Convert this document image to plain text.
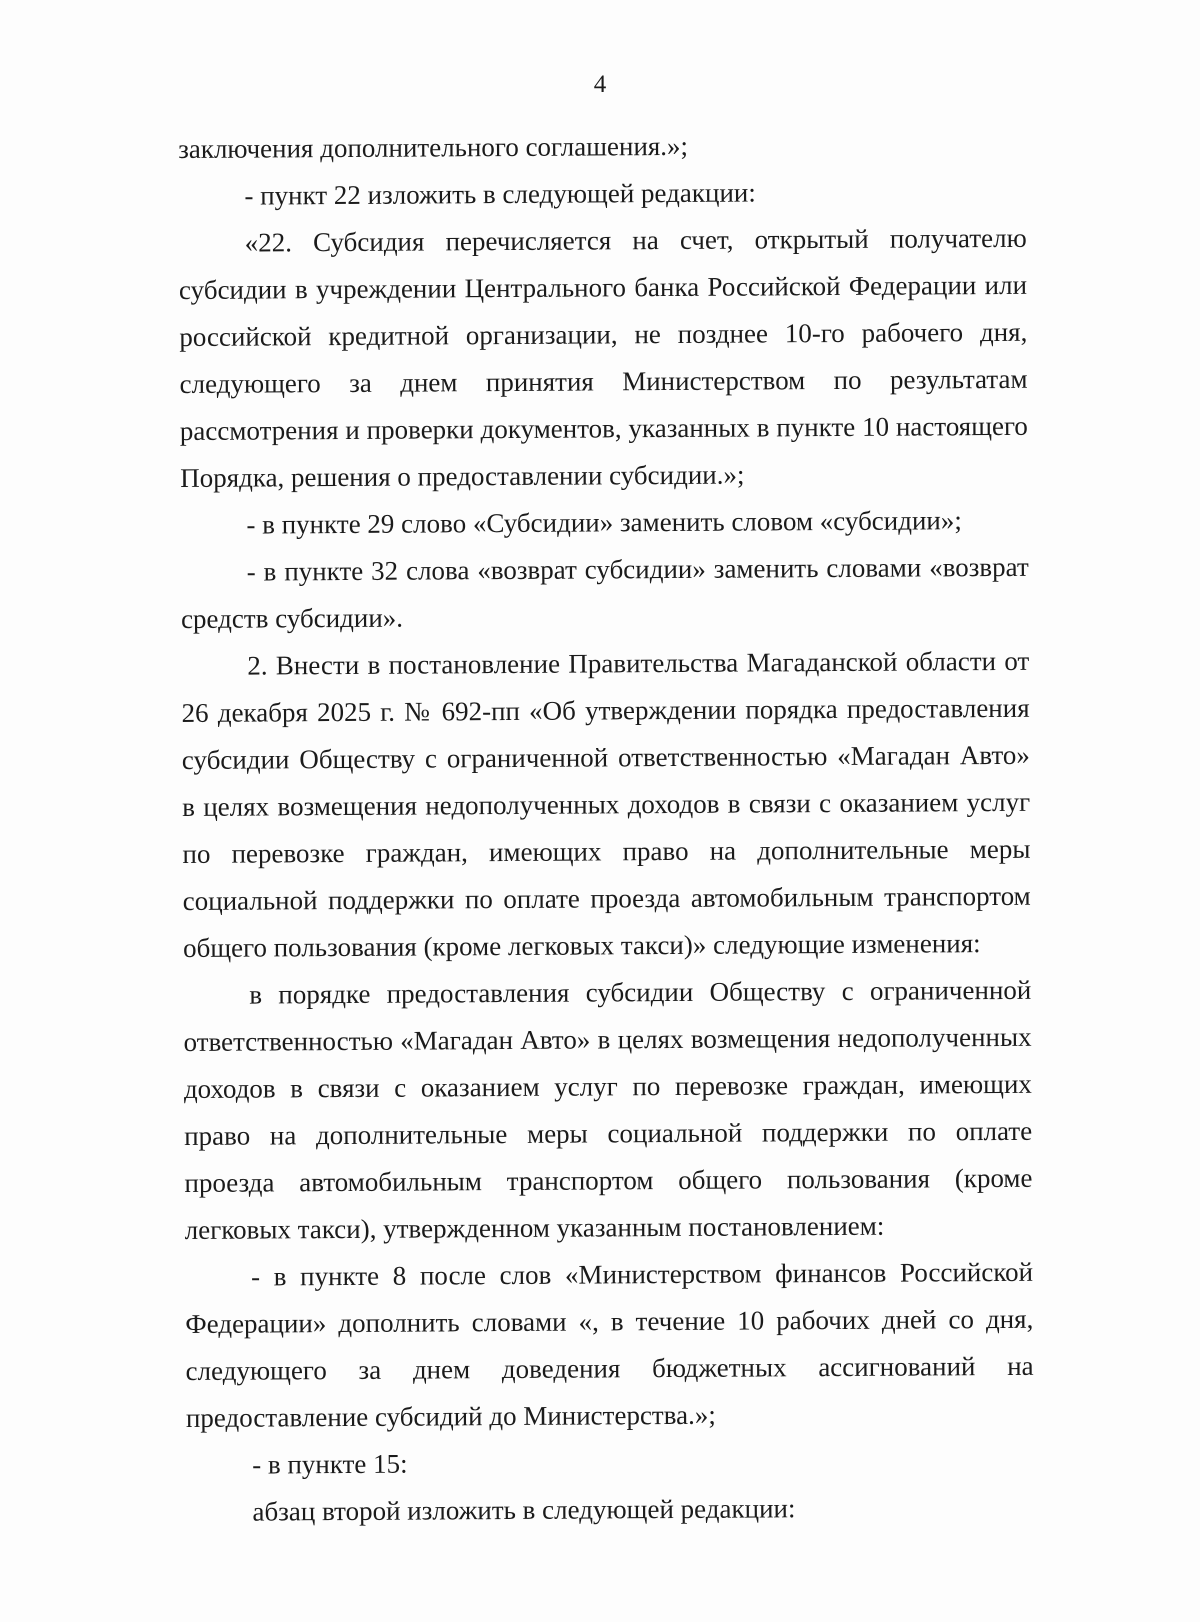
4

заключения дополнительного соглашения.»;

- пункт 22 изложить в следующей редакции:

«22. Субсидия перечисляется на счет, открытый получателю субсидии в учреждении Центрального банка Российской Федерации или российской кредитной организации, не позднее 10-го рабочего дня, следующего за днем принятия Министерством по результатам рассмотрения и проверки документов, указанных в пункте 10 настоящего Порядка, решения о предоставлении субсидии.»;

- в пункте 29 слово «Субсидии» заменить словом «субсидии»;

- в пункте 32 слова «возврат субсидии» заменить словами «возврат средств субсидии».

2. Внести в постановление Правительства Магаданской области от 26 декабря 2025 г. № 692-пп «Об утверждении порядка предоставления субсидии Обществу с ограниченной ответственностью «Магадан Авто» в целях возмещения недополученных доходов в связи с оказанием услуг по перевозке граждан, имеющих право на дополнительные меры социальной поддержки по оплате проезда автомобильным транспортом общего пользования (кроме легковых такси)» следующие изменения:

в порядке предоставления субсидии Обществу с ограниченной ответственностью «Магадан Авто» в целях возмещения недополученных доходов в связи с оказанием услуг по перевозке граждан, имеющих право на дополнительные меры социальной поддержки по оплате проезда автомобильным транспортом общего пользования (кроме легковых такси), утвержденном указанным постановлением:

- в пункте 8 после слов «Министерством финансов Российской Федерации» дополнить словами «, в течение 10 рабочих дней со дня, следующего за днем доведения бюджетных ассигнований на предоставление субсидий до Министерства.»;

- в пункте 15:

абзац второй изложить в следующей редакции:
